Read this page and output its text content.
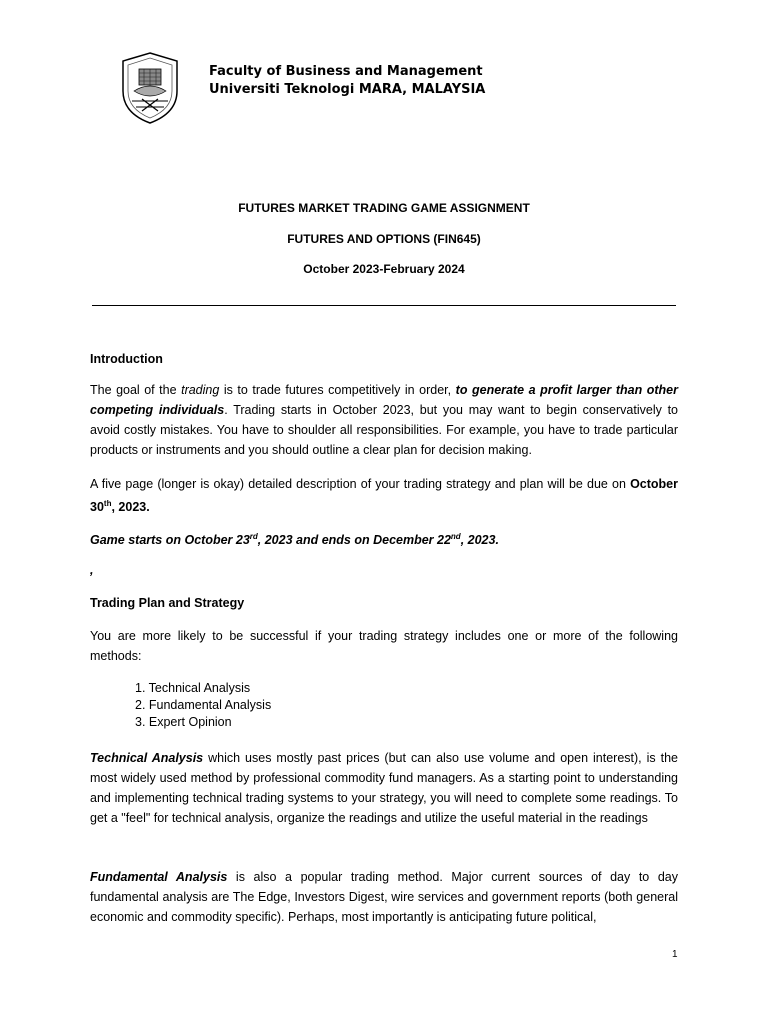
Faculty of Business and Management
Universiti Teknologi MARA, MALAYSIA
FUTURES MARKET TRADING GAME ASSIGNMENT
FUTURES AND OPTIONS (FIN645)
October 2023-February 2024
Introduction
The goal of the trading is to trade futures competitively in order, to generate a profit larger than other competing individuals. Trading starts in October 2023, but you may want to begin conservatively to avoid costly mistakes. You have to shoulder all responsibilities. For example, you have to trade particular products or instruments and you should outline a clear plan for decision making.
A five page (longer is okay) detailed description of your trading strategy and plan will be due on October 30th, 2023.
Game starts on October 23rd, 2023 and ends on December 22nd, 2023.
,
Trading Plan and Strategy
You are more likely to be successful if your trading strategy includes one or more of the following methods:
1. Technical Analysis
2. Fundamental Analysis
3. Expert Opinion
Technical Analysis which uses mostly past prices (but can also use volume and open interest), is the most widely used method by professional commodity fund managers. As a starting point to understanding and implementing technical trading systems to your strategy, you will need to complete some readings. To get a "feel" for technical analysis, organize the readings and utilize the useful material in the readings
Fundamental Analysis is also a popular trading method. Major current sources of day to day fundamental analysis are The Edge, Investors Digest, wire services and government reports (both general economic and commodity specific). Perhaps, most importantly is anticipating future political,
1
